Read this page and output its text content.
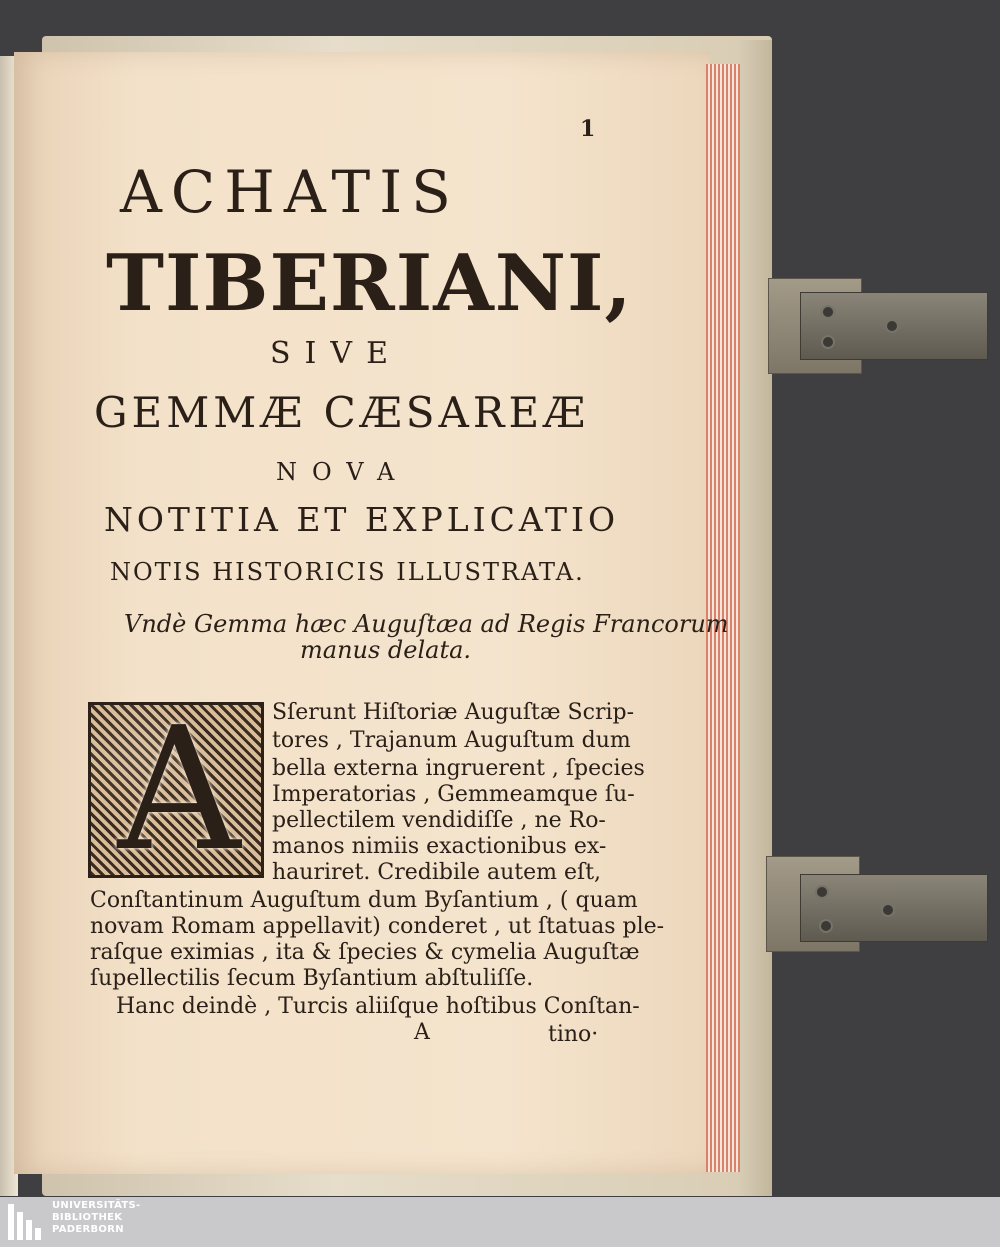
1
ACHATIS
TIBERIANI,
SIVE
GEMMÆ CÆSAREÆ
NOVA
NOTITIA ET EXPLICATIO
NOTIS HISTORICIS ILLUSTRATA.
Vndè Gemma hæc Auguſtæa ad Regis Francorum
manus delata.
A	Sſerunt Hiſtoriæ Auguſtæ Scrip-
tores , Trajanum Auguſtum dum
bella externa ingruerent , ſpecies
Imperatorias , Gemmeamque ſu-
pellectilem vendidiſſe , ne Ro-
manos nimiis exactionibus ex-
hauriret. Credibile autem eſt,
Conſtantinum Auguſtum dum Byſantium , ( quam
novam Romam appellavit) conderet , ut ſtatuas ple-
raſque eximias , ita & ſpecies & cymelia Auguſtæ
ſupellectilis ſecum Byſantium abſtuliſſe.
Hanc deindè , Turcis aliiſque hoſtibus Conſtan-
A	tino·
UNIVERSITÄTS-
BIBLIOTHEK
PADERBORN
